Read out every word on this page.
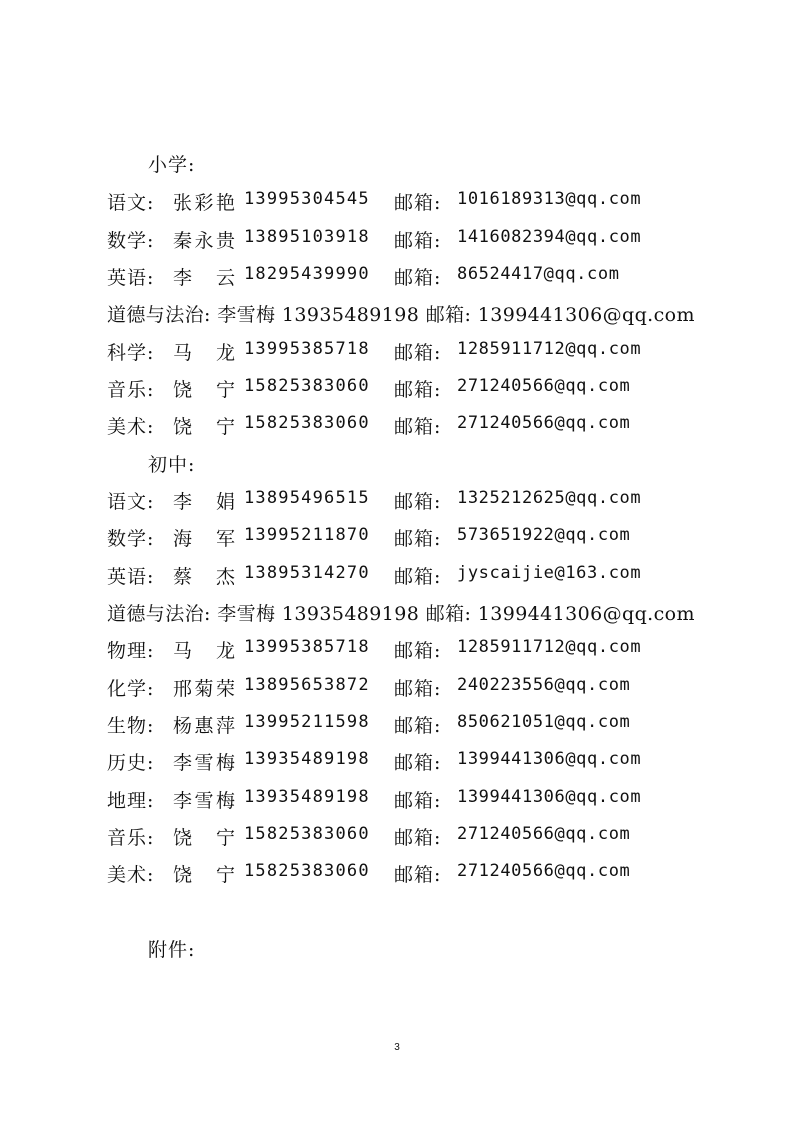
小学:
语文: 张 彩 艳 13995304545 邮箱: 1016189313@qq.com
数学: 秦 永 贵 13895103918 邮箱: 1416082394@qq.com
英语: 李 云 18295439990 邮箱: 86524417@qq.com
道德与法治: 李雪梅 13935489198 邮箱: 1399441306@qq.com
科学: 马 龙 13995385718 邮箱: 1285911712@qq.com
音乐: 饶 宁 15825383060 邮箱: 271240566@qq.com
美术: 饶 宁 15825383060 邮箱: 271240566@qq.com
初中:
语文: 李 娟 13895496515 邮箱: 1325212625@qq.com
数学: 海 军 13995211870 邮箱: 573651922@qq.com
英语: 蔡 杰 13895314270 邮箱: jyscaijie@163.com
道德与法治: 李雪梅 13935489198 邮箱: 1399441306@qq.com
物理: 马 龙 13995385718 邮箱: 1285911712@qq.com
化学: 邢 菊 荣 13895653872 邮箱: 240223556@qq.com
生物: 杨 惠 萍 13995211598 邮箱: 850621051@qq.com
历史: 李 雪 梅 13935489198 邮箱: 1399441306@qq.com
地理: 李 雪 梅 13935489198 邮箱: 1399441306@qq.com
音乐: 饶 宁 15825383060 邮箱: 271240566@qq.com
美术: 饶 宁 15825383060 邮箱: 271240566@qq.com
附件:
3
